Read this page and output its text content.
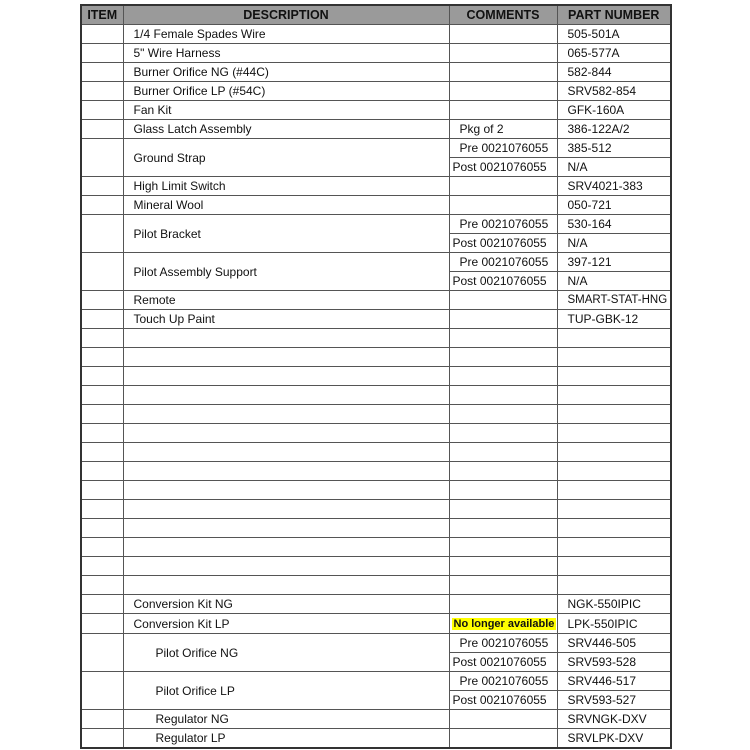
ITEM	DESCRIPTION	COMMENTS	PART NUMBER
	1/4 Female Spades Wire		505-501A
	5" Wire Harness		065-577A
	Burner Orifice NG (#44C)		582-844
	Burner Orifice LP (#54C)		SRV582-854
	Fan Kit		GFK-160A
	Glass Latch Assembly	Pkg of 2	386-122A/2
	Ground Strap	Pre 0021076055	385-512
		Post 0021076055	N/A
	High Limit Switch		SRV4021-383
	Mineral Wool		050-721
	Pilot Bracket	Pre 0021076055	530-164
		Post 0021076055	N/A
	Pilot Assembly Support	Pre 0021076055	397-121
		Post 0021076055	N/A
	Remote		SMART-STAT-HNG
	Touch Up Paint		TUP-GBK-12

	Conversion Kit NG		NGK-550IPIC
	Conversion Kit LP	No longer available	LPK-550IPIC
	Pilot Orifice NG	Pre 0021076055	SRV446-505
		Post 0021076055	SRV593-528
	Pilot Orifice LP	Pre 0021076055	SRV446-517
		Post 0021076055	SRV593-527
	Regulator NG		SRVNGK-DXV
	Regulator LP		SRVLPK-DXV
